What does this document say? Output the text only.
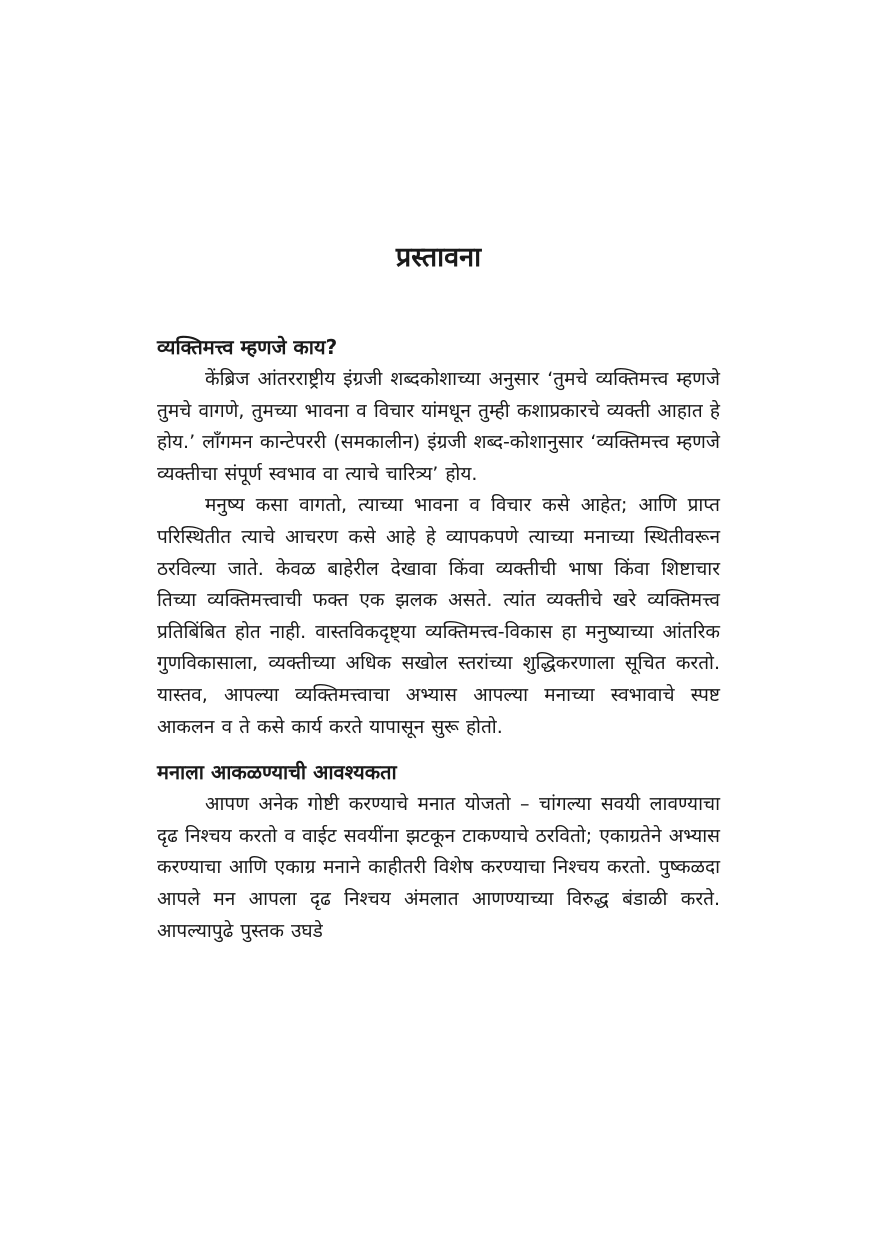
प्रस्तावना
व्यक्तिमत्त्व म्हणजे काय?

केंब्रिज आंतरराष्ट्रीय इंग्रजी शब्दकोशाच्या अनुसार ‘तुमचे व्यक्तिमत्त्व म्हणजे तुमचे वागणे, तुमच्या भावना व विचार यांमधून तुम्ही कशाप्रकारचे व्यक्ती आहात हे होय.’ लॉंगमन कान्टेपररी (समकालीन) इंग्रजी शब्द-कोशानुसार ‘व्यक्तिमत्त्व म्हणजे व्यक्तीचा संपूर्ण स्वभाव वा त्याचे चारित्र्य’ होय.

मनुष्य कसा वागतो, त्याच्या भावना व विचार कसे आहेत; आणि प्राप्त परिस्थितीत त्याचे आचरण कसे आहे हे व्यापकपणे त्याच्या मनाच्या स्थितीवरून ठरविल्या जाते. केवळ बाहेरील देखावा किंवा व्यक्तीची भाषा किंवा शिष्टाचार तिच्या व्यक्तिमत्त्वाची फक्त एक झलक असते. त्यांत व्यक्तीचे खरे व्यक्तिमत्त्व प्रतिबिंबित होत नाही. वास्तविकदृष्ट्या व्यक्तिमत्त्व-विकास हा मनुष्याच्या आंतरिक गुणविकासाला, व्यक्तीच्या अधिक सखोल स्तरांच्या शुद्धिकरणाला सूचित करतो. यास्तव, आपल्या व्यक्तिमत्त्वाचा अभ्यास आपल्या मनाच्या स्वभावाचे स्पष्ट आकलन व ते कसे कार्य करते यापासून सुरू होतो.

मनाला आकळण्याची आवश्यकता

आपण अनेक गोष्टी करण्याचे मनात योजतो – चांगल्या सवयी लावण्याचा दृढ निश्चय करतो व वाईट सवयींना झटकून टाकण्याचे ठरवितो; एकाग्रतेने अभ्यास करण्याचा आणि एकाग्र मनाने काहीतरी विशेष करण्याचा निश्चय करतो. पुष्कळदा आपले मन आपला दृढ निश्चय अंमलात आणण्याच्या विरुद्ध बंडाळी करते. आपल्यापुढे पुस्तक उघडे
